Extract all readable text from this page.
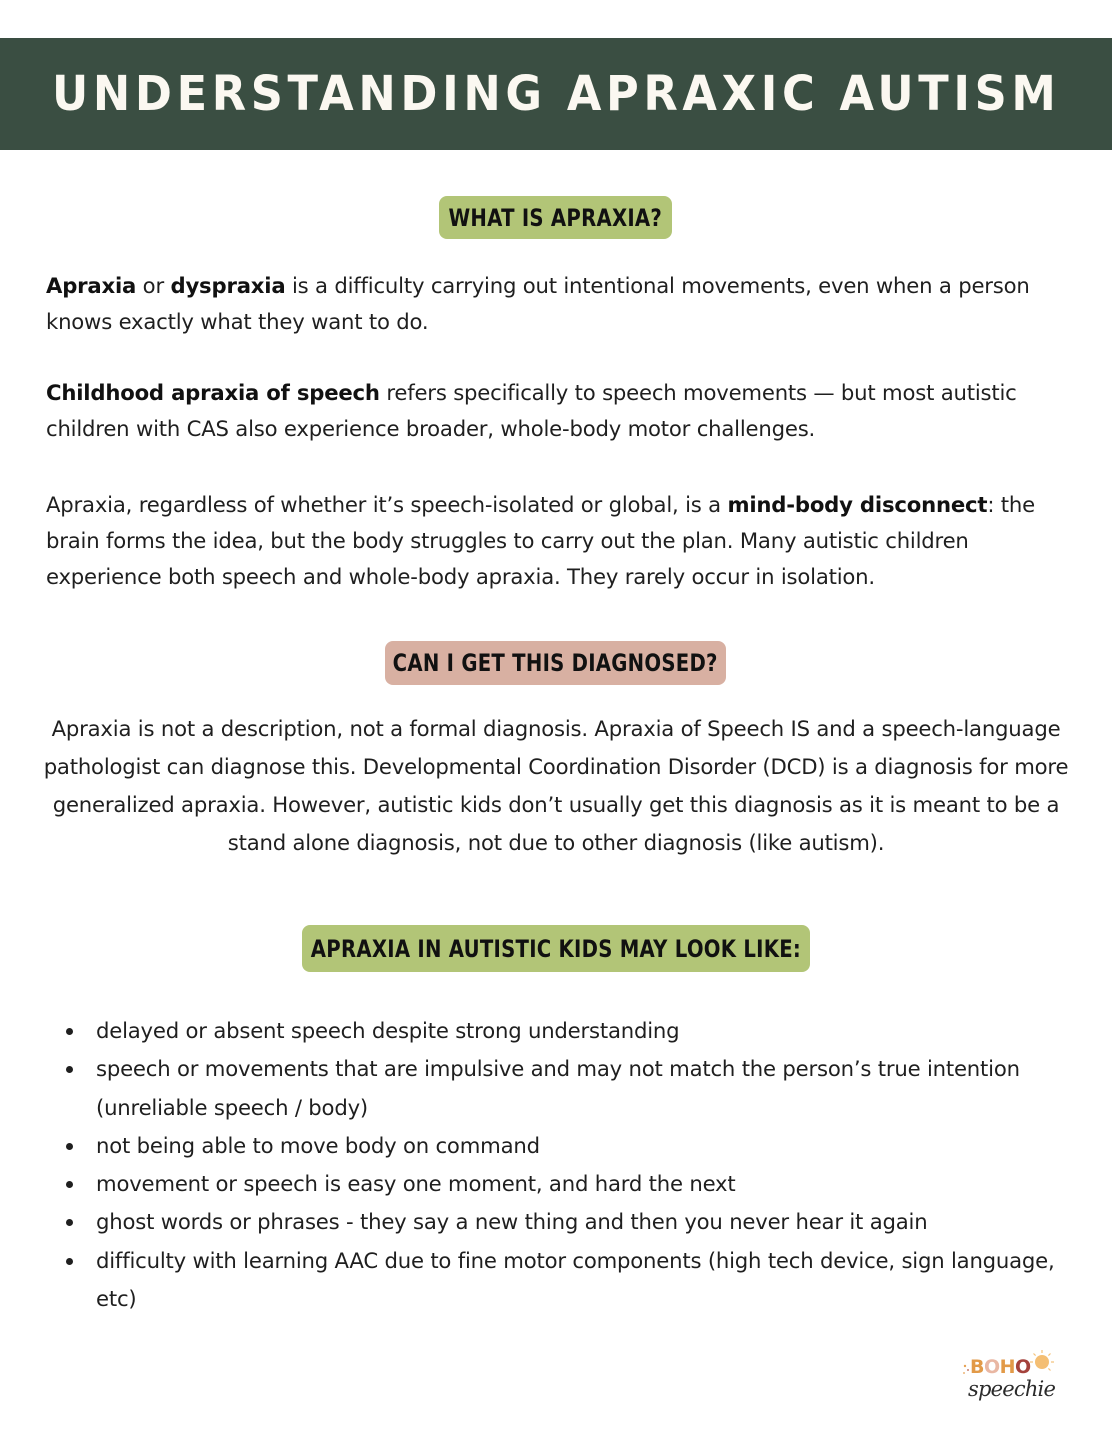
UNDERSTANDING APRAXIC AUTISM
WHAT IS APRAXIA?

Apraxia or dyspraxia is a difficulty carrying out intentional movements, even when a person knows exactly what they want to do.

Childhood apraxia of speech refers specifically to speech movements — but most autistic children with CAS also experience broader, whole-body motor challenges.

Apraxia, regardless of whether it’s speech-isolated or global, is a mind-body disconnect: the brain forms the idea, but the body struggles to carry out the plan. Many autistic children experience both speech and whole-body apraxia. They rarely occur in isolation.

CAN I GET THIS DIAGNOSED?

Apraxia is not a description, not a formal diagnosis. Apraxia of Speech IS and a speech-language pathologist can diagnose this. Developmental Coordination Disorder (DCD) is a diagnosis for more generalized apraxia. However, autistic kids don’t usually get this diagnosis as it is meant to be a stand alone diagnosis, not due to other diagnosis (like autism).

APRAXIA IN AUTISTIC KIDS MAY LOOK LIKE:
delayed or absent speech despite strong understanding
speech or movements that are impulsive and may not match the person’s true intention (unreliable speech / body)
not being able to move body on command
movement or speech is easy one moment, and hard the next
ghost words or phrases - they say a new thing and then you never hear it again
difficulty with learning AAC due to fine motor components (high tech device, sign language, etc)
BOHO
speechie
